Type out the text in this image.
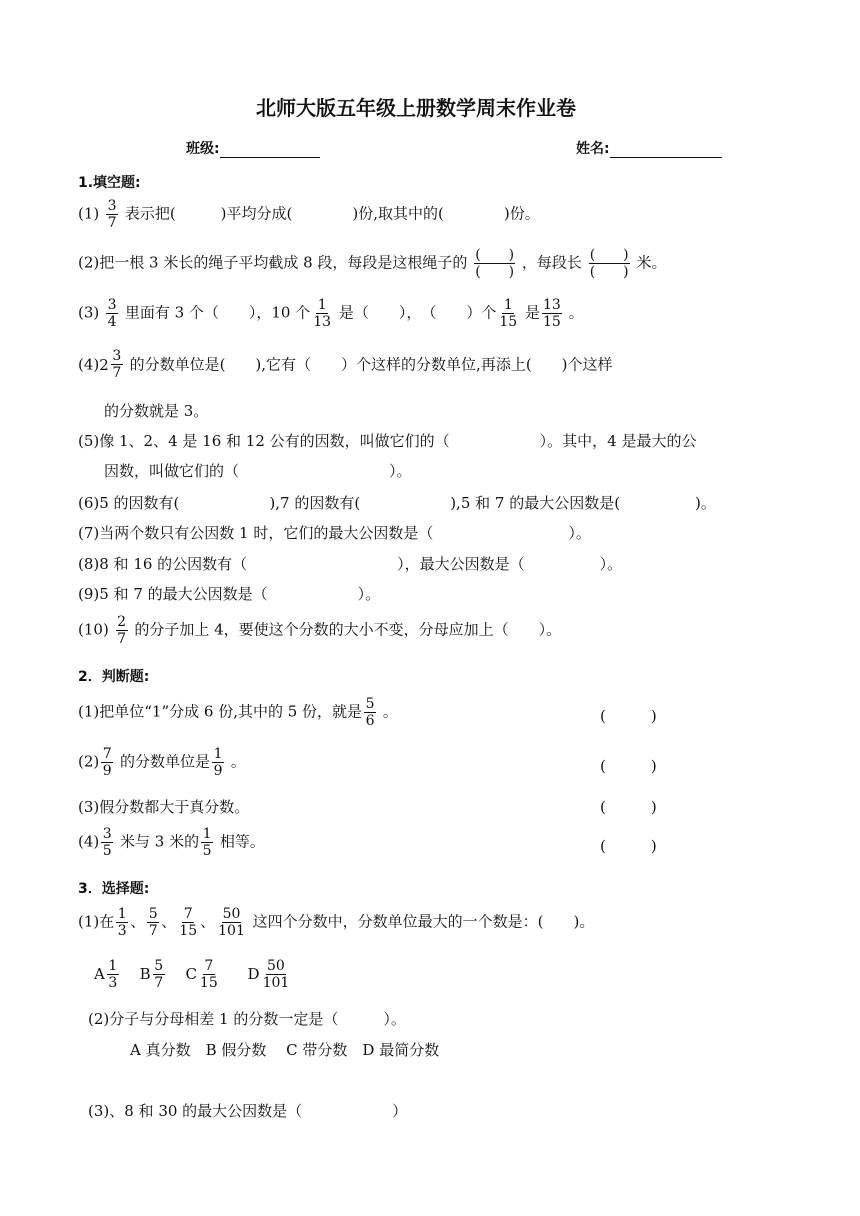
北师大版五年级上册数学周末作业卷
班级:	姓名:
1.填空题:
$(1) \frac{3}{7}$ 表示把(　　　)平均分成(　　　　)份,取其中的(　　　　)份。
(2)把一根 3 米长的绳子平均截成 8 段，每段是这根绳子的 $\frac{( )}{( )}$ ，每段长 $\frac{( )}{( )}$ 米。
$(3) \frac{3}{4}$ 里面有 3 个（　　），10 个 $\frac{1}{13}$ 是（　　），　（　　）个 $\frac{1}{15}$ 是 $\frac{13}{15}$ 。
(4) $2 \frac{3}{7}$ 的分数单位是(　　),它有（　　）个这样的分数单位,再添上(　　)个这样
的分数就是 3。
(5)像 1、2、4 是 16 和 12 公有的因数，叫做它们的（　　　　　　）。其中，4 是最大的公
因数，叫做它们的（　　　　　　　　　　）。
(6)5 的因数有(　　　　　　),7 的因数有(　　　　　　),5 和 7 的最大公因数是(　　　　　)。
(7)当两个数只有公因数 1 时，它们的最大公因数是（　　　　　　　　　）。
(8)8 和 16 的公因数有（　　　　　　　　　　），最大公因数是（　　　　　）。
(9)5 和 7 的最大公因数是（　　　　　　）。
$(10) \frac{2}{7}$ 的分子加上 4，要使这个分数的大小不变，分母应加上（　　）。
2．判断题:
(1)把单位“1”分成 6 份,其中的 5 份，就是 $\frac{5}{6}$ 。	(　　　)
$(2) \frac{7}{9}$ 的分数单位是 $\frac{1}{9}$ 。	(　　　)
(3)假分数都大于真分数。	(　　　)
$(4) \frac{3}{5}$ 米与 3 米的 $\frac{1}{5}$ 相等。	(　　　)
3．选择题:
(1)在 $\frac{1}{3}$ 、 $\frac{5}{7}$ 、 $\frac{7}{15}$ 、 $\frac{50}{101}$ 这四个分数中，分数单位最大的一个数是：(　　)。
A $\frac{1}{3}$ B $\frac{5}{7}$ C $\frac{7}{15}$ D $\frac{50}{101}$
(2)分子与分母相差 1 的分数一定是（　　　）。
A 真分数　B 假分数　 C 带分数　D 最简分数
(3)、8 和 30 的最大公因数是（　　　　　　）
